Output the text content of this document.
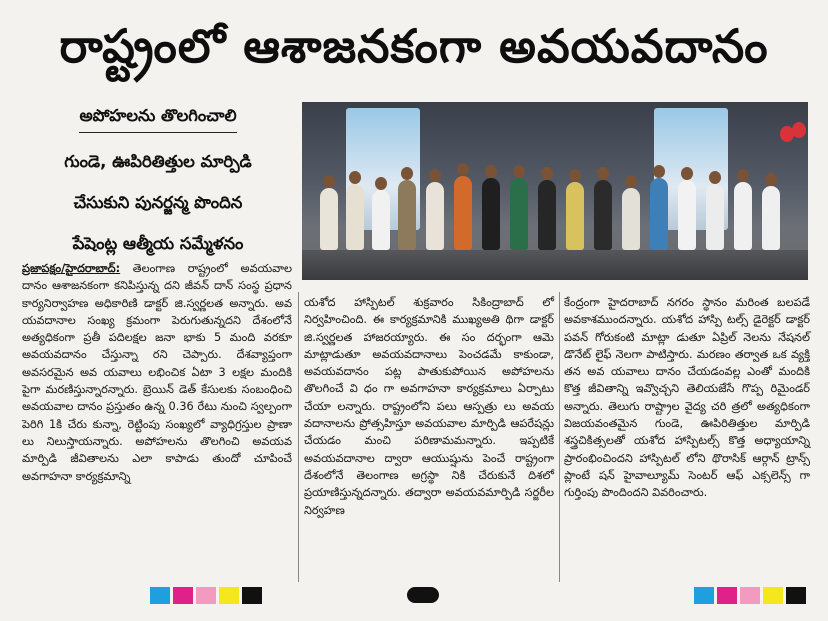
రాష్ట్రంలో ఆశాజనకంగా అవయవదానం
అపోహలను తొలగించాలి
గుండె, ఊపిరితిత్తుల మార్పిడి
చేసుకుని పునర్జన్మ పొందిన
పేషెంట్ల ఆత్మీయ సమ్మేళనం

ప్రజాపక్షం/హైదరాబాద్: తెలంగాణ రాష్ట్రంలో అవయవాల దానం ఆశాజనకంగా కనిపిస్తున్న దని జీవన్ దాన్ సంస్థ ప్రధాన కార్యనిర్వాహణ అధికారిణి డాక్టర్ జి.స్వర్ణలత అన్నారు. అవ యవదానాల సంఖ్య క్రమంగా పెరుగుతున్నదని దేశంలోనే అత్యధికంగా ప్రతీ పదిలక్షల జనా భాకు 5 మంది వరకూ అవయవదానం చేస్తున్నా రని చెప్పారు. దేశవ్యాప్తంగా అవసరమైన అవ యవాలు లభించిక ఏటా 3 లక్షల మందికి పైగా మరణిస్తున్నారన్నారు. బ్రెయిన్ డెత్ కేసులకు సంబంధించి అవయవాల దానం ప్రస్తుతం ఉన్న 0.36 రేటు నుంచి స్వల్పంగా పెరిగి 1కి చేరు కున్నా, రెట్టింపు సంఖ్యలో వ్యాధిగ్రస్తుల ప్రాణా లు నిలుస్తాయన్నారు. అపోహలను తొలగించి అవయవ మార్పిడి జీవితాలను ఎలా కాపాడు తుందో చూపించే అవగాహనా కార్యక్రమాన్ని

యశోద హాస్పిటల్ శుక్రవారం సికింద్రాబాద్ లో నిర్వహించింది. ఈ కార్యక్రమానికి ముఖ్యఅతి థిగా డాక్టర్ జి.స్వర్ణలత హాజరయ్యారు. ఈ సం దర్భంగా ఆమె మాట్లాడుతూ అవయవదానాలు పెంచడమే కాకుండా, అవయవదానం పట్ల పాతుకుపోయిన అపోహలను తొలగించే వి ధం గా అవగాహనా కార్యక్రమాలు ఏర్పాటు చేయా లన్నారు. రాష్ట్రంలోని పలు ఆస్పత్రు లు అవయ వదానాలను ప్రోత్సహిస్తూ అవయవాల మార్పిడి ఆపరేషన్లు చేయడం మంచి పరిణామమన్నారు. ఇప్పటికే అవయవదానాల ద్వారా ఆయుష్షును పెంచే రాష్ట్రంగా దేశంలోనే తెలంగాణ అగ్రస్థా నికి చేరుకునే దిశలో ప్రయాణిస్తున్నదన్నారు. తద్వారా అవయవమార్పిడి సర్జరీల నిర్వహణ

కేంద్రంగా హైదరాబాద్ నగరం స్థానం మరింత బలపడే అవకాశముందన్నారు. యశోద హాస్పి టల్స్ డైరెక్టర్ డాక్టర్ పవన్ గోరుకంటి మాట్లా డుతూ ఏప్రిల్ నెలను నేషనల్ డొనేట్ లైఫ్ నెలగా పాటిస్తారు. మరణం తర్వాత ఒక వ్యక్తి తన అవ యవాలు దానం చేయడంవల్ల ఎంతో మందికి కొత్త జీవితాన్ని ఇవ్వొచ్చని తెలియజేసే గొప్ప రిమైండర్ అన్నారు. తెలుగు రాష్ట్రాల వైద్య చరి త్రలో అత్యధికంగా విజయవంతమైన గుండె, ఊపిరితిత్తుల మార్పిడి శస్త్రచికిత్సలతో యశోద హాస్పిటల్స్ కొత్త అధ్యాయాన్ని ప్రారంభించిందని హాస్పిటల్ లోని థొరాసిక్ ఆర్గాన్ ట్రాన్స్ ప్లాంటే షన్ హైవాల్యూమ్ సెంటర్ ఆఫ్ ఎక్సలెన్స్ గా గుర్తింపు పొందిందని వివరించారు.
